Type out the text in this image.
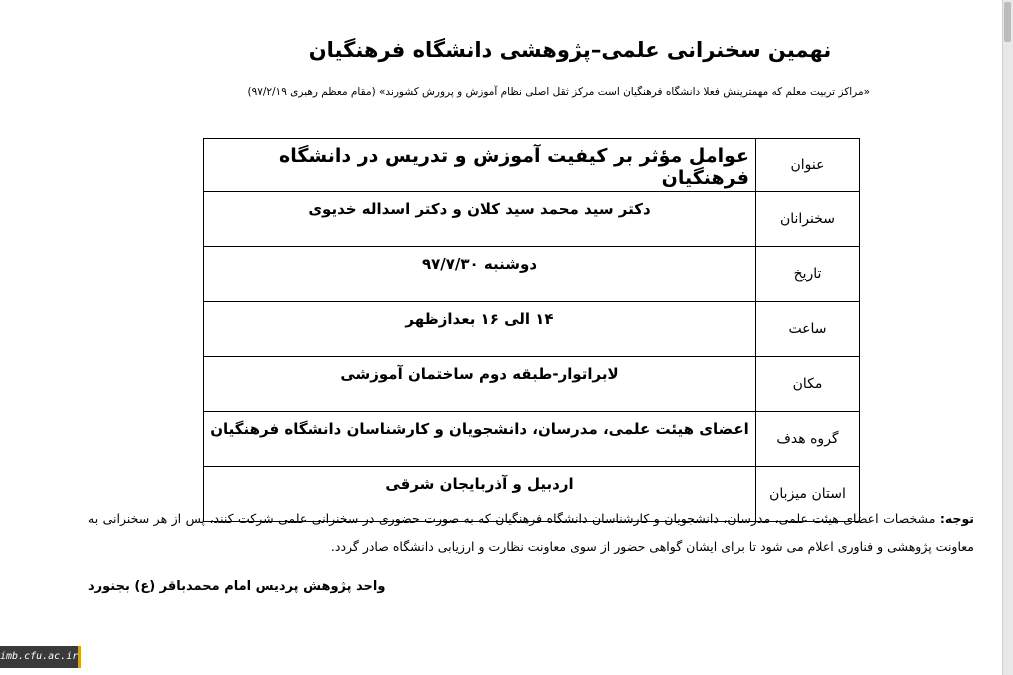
نهمین سخنرانی علمی–پژوهشی دانشگاه فرهنگیان
«مراکز تربیت معلم که مهمترینش فعلا دانشگاه فرهنگیان است مرکز ثقل اصلی نظام آموزش و پرورش کشورند» (مقام معظم رهبری ۹۷/۲/۱۹)
عنوان	عوامل مؤثر بر کیفیت آموزش و تدریس در دانشگاه فرهنگیان
سخنرانان	دکتر سید محمد سید کلان و دکتر اسداله خدیوی
تاریخ	دوشنبه ۹۷/۷/۳۰
ساعت	۱۴ الی ۱۶ بعدازظهر
مکان	لابراتوار-طبقه دوم ساختمان آموزشی
گروه هدف	اعضای هیئت علمی، مدرسان، دانشجویان و کارشناسان دانشگاه فرهنگیان
استان میزبان	اردبیل و آذربایجان شرقی
توجه: مشخصات اعضای هیئت علمی، مدرسان، دانشجویان و کارشناسان دانشگاه فرهنگیان که به صورت حضوری در سخنرانی علمی شرکت کنند، پس از هر سخنرانی به معاونت پژوهشی و فناوری اعلام می شود تا برای ایشان گواهی حضور از سوی معاونت نظارت و ارزیابی دانشگاه صادر گردد.
واحد پژوهش پردیس امام محمدباقر (ع) بجنورد
imb.cfu.ac.ir
